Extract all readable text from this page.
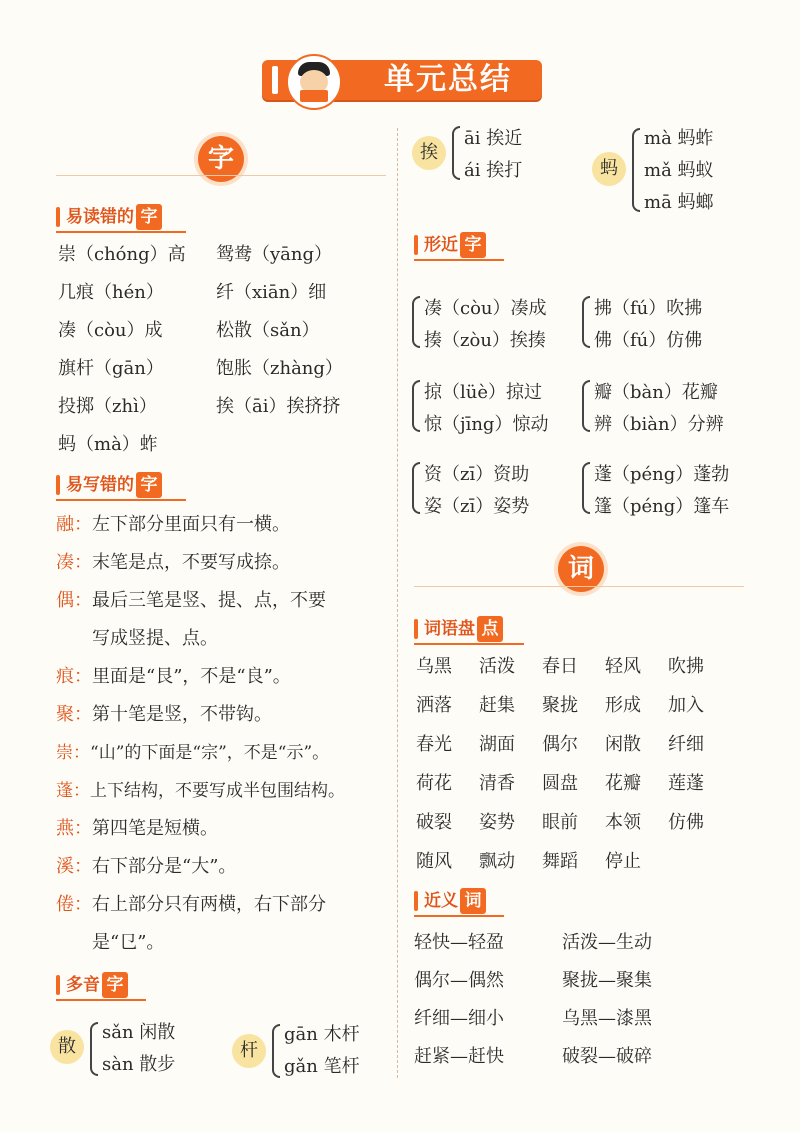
单元总结
字
易读错的 字
崇（chóng）高 鸳鸯（yāng）
几痕（hén）	纤（xiān）细
凑（còu）成	松散（sǎn）
旗杆（gān）	饱胀（zhàng）
投掷（zhì）	挨（āi）挨挤挤
蚂（mà）蚱
易写错的 字
融：左下部分里面只有一横。
凑：末笔是点，不要写成捺。
偶：最后三笔是竖、提、点，不要
写成竖提、点。
痕：里面是“艮”，不是“良”。
聚：第十笔是竖，不带钩。
崇：“山”的下面是“宗”，不是“示”。
蓬：上下结构，不要写成半包围结构。
燕：第四笔是短横。
溪：右下部分是“大”。
倦：右上部分只有两横，右下部分
是“㔾”。
多音 字
散
sǎn 闲散
sàn 散步
杆
gān 木杆
gǎn 笔杆
挨
āi 挨近
ái 挨打	蚂
mà 蚂蚱
mǎ 蚂蚁
mā 蚂螂
形近 字
凑（còu）凑成
揍（zòu）挨揍
拂（fú）吹拂
佛（fú）仿佛
掠（lüè）掠过
惊（jīng）惊动
瓣（bàn）花瓣
辨（biàn）分辨
资（zī）资助
姿（zī）姿势
蓬（péng）蓬勃
篷（péng）篷车
词
词语盘 点
乌黑 活泼 春日 轻风 吹拂
洒落 赶集 聚拢 形成 加入
春光 湖面 偶尔 闲散 纤细
荷花 清香 圆盘 花瓣 莲蓬
破裂 姿势 眼前 本领 仿佛
随风 飘动 舞蹈 停止
近义 词
轻快—轻盈	活泼—生动
偶尔—偶然	聚拢—聚集
纤细—细小	乌黑—漆黑
赶紧—赶快	破裂—破碎
